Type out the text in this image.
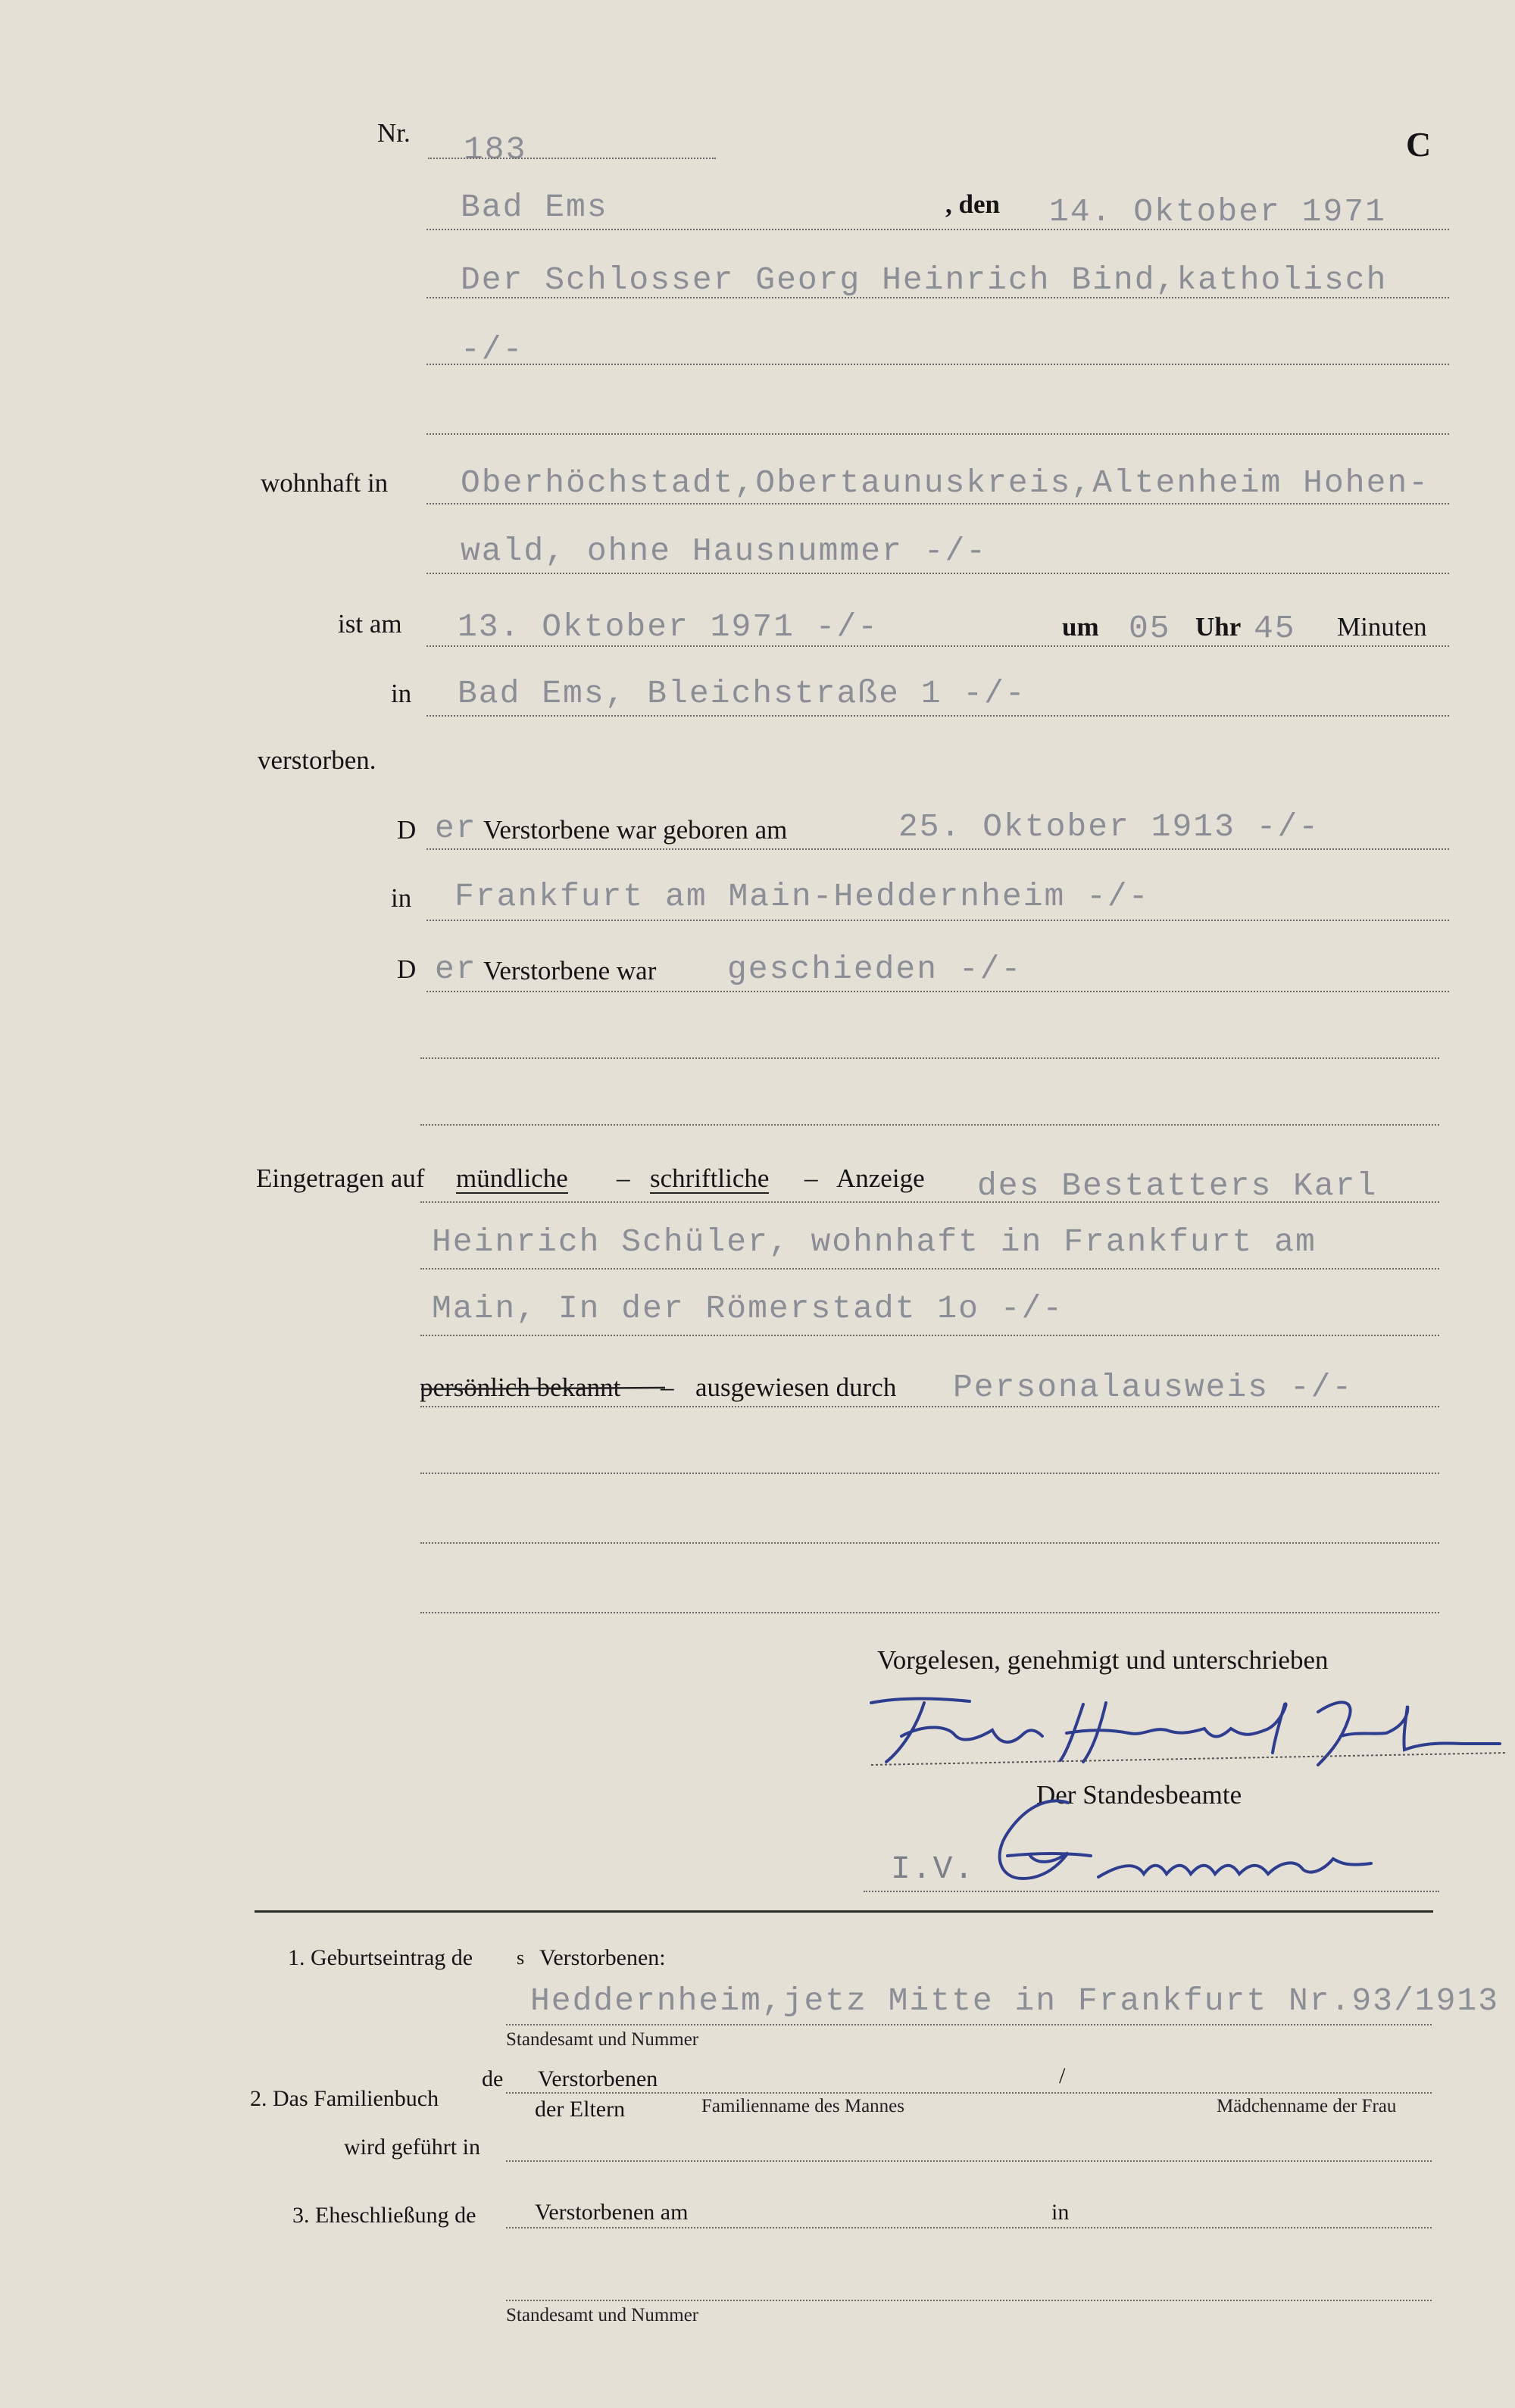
Nr. 183	C
Bad Ems	, den 14. Oktober 1971
Der Schlosser Georg Heinrich Bind,katholisch
-/-
wohnhaft in Oberhöchstadt,Obertaunuskreis,Altenheim Hohen-
wald, ohne Hausnummer -/-
ist am 13. Oktober 1971 -/-	um 05 Uhr 45 Minuten
in Bad Ems, Bleichstraße 1 -/-
verstorben.
D er Verstorbene war geboren am	25. Oktober 1913 -/-
in Frankfurt am Main-Heddernheim -/-
D er Verstorbene war geschieden -/-
Eingetragen auf mündliche – schriftliche – Anzeige des Bestatters Karl
Heinrich Schüler, wohnhaft in Frankfurt am
Main, In der Römerstadt 1o -/-
persönlich bekannt – ausgewiesen durch Personalausweis -/-
Vorgelesen, genehmigt und unterschrieben
Der Standesbeamte
I.V.
1. Geburtseintrag de s Verstorbenen:
Heddernheim,jetz Mitte in Frankfurt Nr.93/1913
Standesamt und Nummer
2. Das Familienbuch
de Verstorbenen	/
der Eltern	Familienname des Mannes	Mädchenname der Frau
wird geführt in
3. Eheschließung de	Verstorbenen am	in
Standesamt und Nummer
